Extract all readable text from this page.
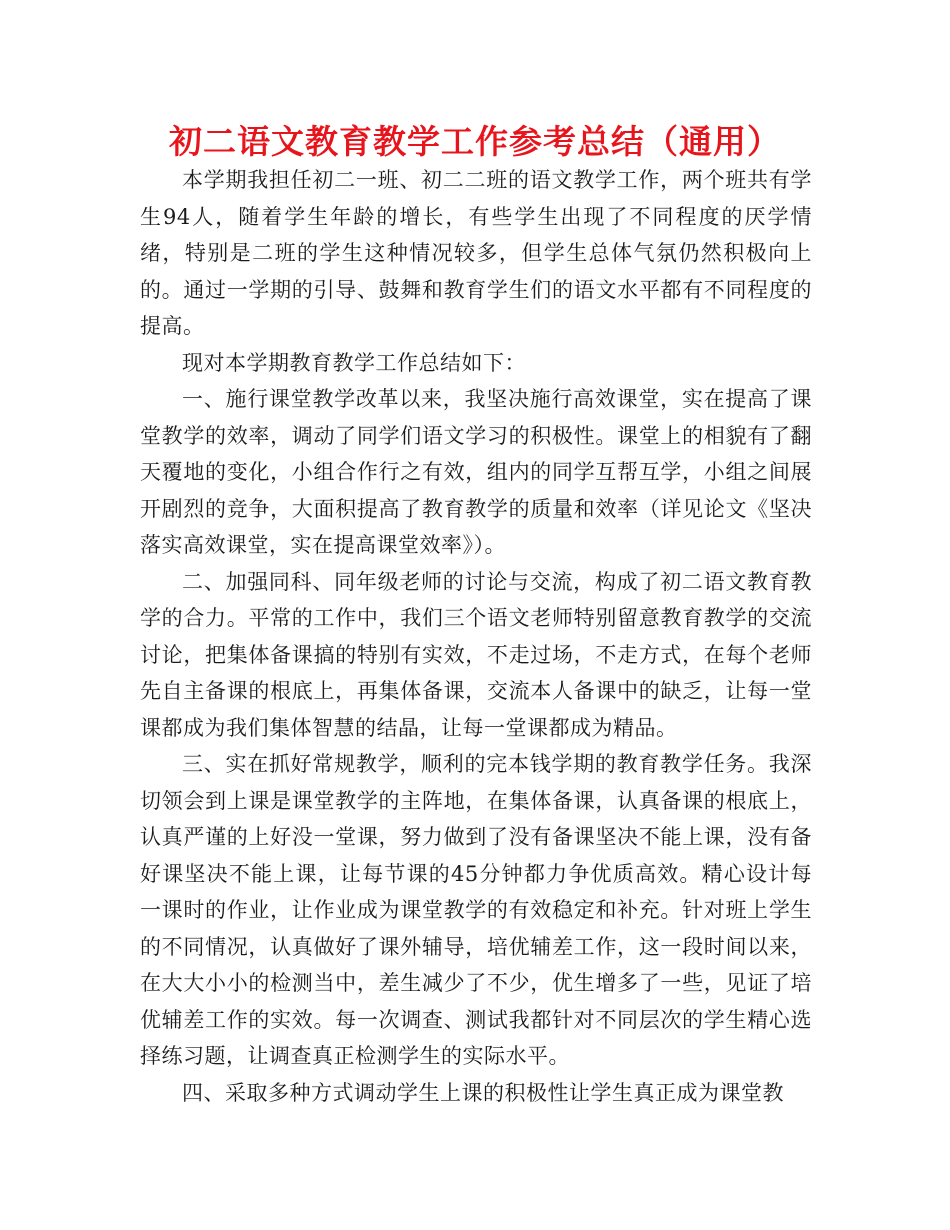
初二语文教育教学工作参考总结（通用）

本学期我担任初二一班、初二二班的语文教学工作，两个班共有学生94人，随着学生年龄的增长，有些学生出现了不同程度的厌学情绪，特别是二班的学生这种情况较多，但学生总体气氛仍然积极向上的。通过一学期的引导、鼓舞和教育学生们的语文水平都有不同程度的提高。

现对本学期教育教学工作总结如下：

一、施行课堂教学改革以来，我坚决施行高效课堂，实在提高了课堂教学的效率，调动了同学们语文学习的积极性。课堂上的相貌有了翻天覆地的变化，小组合作行之有效，组内的同学互帮互学，小组之间展开剧烈的竞争，大面积提高了教育教学的质量和效率（详见论文《坚决落实高效课堂，实在提高课堂效率》）。

二、加强同科、同年级老师的讨论与交流，构成了初二语文教育教学的合力。平常的工作中，我们三个语文老师特别留意教育教学的交流讨论，把集体备课搞的特别有实效，不走过场，不走方式，在每个老师先自主备课的根底上，再集体备课，交流本人备课中的缺乏，让每一堂课都成为我们集体智慧的结晶，让每一堂课都成为精品。

三、实在抓好常规教学，顺利的完本钱学期的教育教学任务。我深切领会到上课是课堂教学的主阵地，在集体备课，认真备课的根底上，认真严谨的上好没一堂课，努力做到了没有备课坚决不能上课，没有备好课坚决不能上课，让每节课的45分钟都力争优质高效。精心设计每一课时的作业，让作业成为课堂教学的有效稳定和补充。针对班上学生的不同情况，认真做好了课外辅导，培优辅差工作，这一段时间以来，在大大小小的检测当中，差生减少了不少，优生增多了一些，见证了培优辅差工作的实效。每一次调查、测试我都针对不同层次的学生精心选择练习题，让调查真正检测学生的实际水平。

四、采取多种方式调动学生上课的积极性让学生真正成为课堂教
